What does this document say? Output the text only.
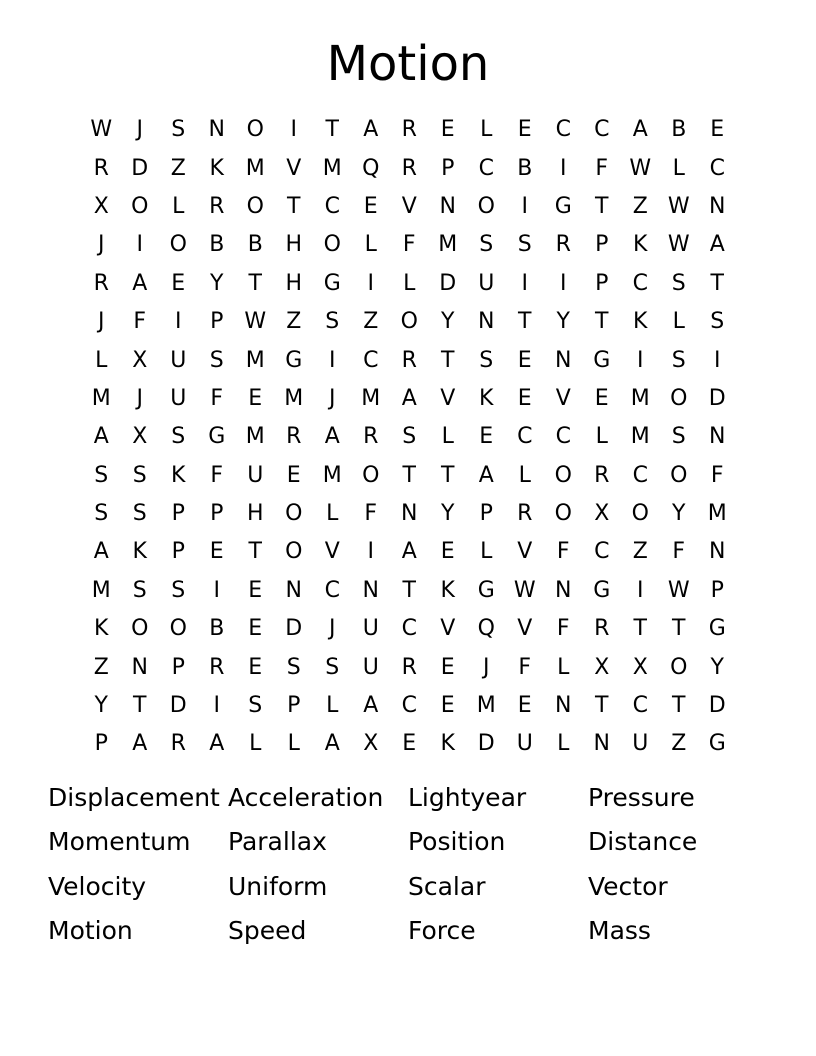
Motion
W	J	S	N O	I	T	A	R	E	L	E	C	C	A	B	E
R	D	Z	K M V M Q	R	P	C	B	I	F W L	C
X	O	L	R	O	T	C	E	V	N O	I	G	T	Z W N
J	I	O	B	B	H O	L	F	M	S	S	R	P	K W A
R	A	E	Y	T	H G	I	L	D U	I	I	P	C	S	T
J	F	I	P W Z	S	Z	O	Y	N	T	Y	T	K	L	S
L	X	U	S	M G	I	C	R	T	S	E	N G	I	S	I
M	J	U	F	E	M	J	M A	V	K	E	V	E	M O D
A	X	S	G M R	A	R	S	L	E	C	C	L	M	S	N
S	S	K	F	U	E	M O	T	T	A	L	O	R	C	O	F
S	S	P	P	H O	L	F	N	Y	P	R	O	X	O	Y	M
A	K	P	E	T	O	V	I	A	E	L	V	F	C	Z	F	N
M	S	S	I	E	N	C	N	T	K	G W N G	I	W P
K	O O	B	E	D	J	U	C	V	Q	V	F	R	T	T	G
Z	N	P	R	E	S	S	U	R	E	J	F	L	X	X	O	Y
Y	T	D	I	S	P	L	A	C	E	M	E	N	T	C	T	D
P	A	R	A	L	L	A	X	E	K	D U	L	N	U	Z	G
Displacement Acceleration Lightyear	Pressure
Momentum	Parallax	Position	Distance
Velocity	Uniform	Scalar	Vector
Motion	Speed	Force	Mass
